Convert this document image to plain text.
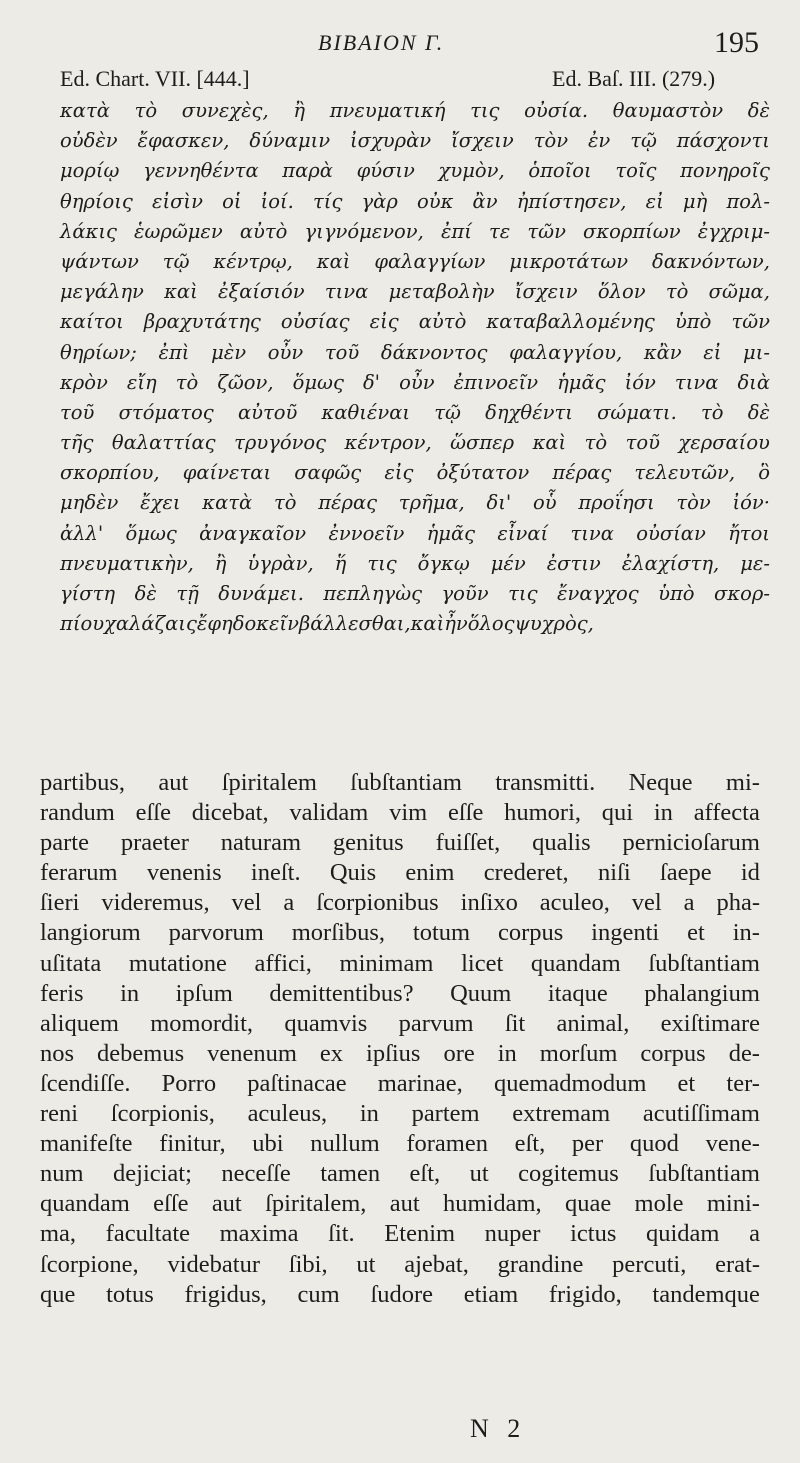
BIBAION Γ.	195
Ed. Chart. VII. [444.]	Ed. Baſ. III. (279.)
κατὰ τὸ συνεχὲς, ἢ πνευματική τις οὐσία. θαυμαστὸν δὲ
οὐδὲν ἔφασκεν, δύναμιν ἰσχυρὰν ἴσχειν τὸν ἐν τῷ πάσχοντι
μορίῳ γεννηθέντα παρὰ φύσιν χυμὸν, ὁποῖοι τοῖς πονηροῖς
θηρίοις εἰσὶν οἱ ἰοί. τίς γὰρ οὐκ ἂν ἠπίστησεν, εἰ μὴ πολ-
λάκις ἑωρῶμεν αὐτὸ γιγνόμενον, ἐπί τε τῶν σκορπίων ἐγχριμ-
ψάντων τῷ κέντρῳ, καὶ φαλαγγίων μικροτάτων δακνόντων,
μεγάλην καὶ ἐξαίσιόν τινα μεταβολὴν ἴσχειν ὅλον τὸ σῶμα,
καίτοι βραχυτάτης οὐσίας εἰς αὐτὸ καταβαλλομένης ὑπὸ τῶν
θηρίων; ἐπὶ μὲν οὖν τοῦ δάκνοντος φαλαγγίου, κἂν εἰ μι-
κρὸν εἴη τὸ ζῶον, ὅμως δ' οὖν ἐπινοεῖν ἡμᾶς ἰόν τινα διὰ
τοῦ στόματος αὐτοῦ καθιέναι τῷ δηχθέντι σώματι. τὸ δὲ
τῆς θαλαττίας τρυγόνος κέντρον, ὥσπερ καὶ τὸ τοῦ χερσαίου
σκορπίου, φαίνεται σαφῶς εἰς ὀξύτατον πέρας τελευτῶν, ὃ
μηδὲν ἔχει κατὰ τὸ πέρας τρῆμα, δι' οὗ προΐησι τὸν ἰόν·
ἀλλ' ὅμως ἀναγκαῖον ἐννοεῖν ἡμᾶς εἶναί τινα οὐσίαν ἤτοι
πνευματικὴν, ἢ ὑγρὰν, ἥ τις ὄγκῳ μέν ἐστιν ἐλαχίστη, με-
γίστη δὲ τῇ δυνάμει. πεπληγὼς γοῦν τις ἔναγχος ὑπὸ σκορ-
πίου χαλάζαις ἔφη δοκεῖν βάλλεσθαι, καὶ ἦν ὅλος ψυχρὸς,
partibus, aut ſpiritalem ſubſtantiam transmitti. Neque mi-
randum eſſe dicebat, validam vim eſſe humori, qui in affecta
parte praeter naturam genitus fuiſſet, qualis pernicioſarum
ferarum venenis ineſt. Quis enim crederet, niſi ſaepe id
ſieri videremus, vel a ſcorpionibus inſixo aculeo, vel a pha-
langiorum parvorum morſibus, totum corpus ingenti et in-
uſitata mutatione affici, minimam licet quandam ſubſtantiam
feris in ipſum demittentibus? Quum itaque phalangium
aliquem momordit, quamvis parvum ſit animal, exiſtimare
nos debemus venenum ex ipſius ore in morſum corpus de-
ſcendiſſe. Porro paſtinacae marinae, quemadmodum et ter-
reni ſcorpionis, aculeus, in partem extremam acutiſſimam
manifeſte finitur, ubi nullum foramen eſt, per quod vene-
num dejiciat; neceſſe tamen eſt, ut cogitemus ſubſtantiam
quandam eſſe aut ſpiritalem, aut humidam, quae mole mini-
ma, facultate maxima ſit. Etenim nuper ictus quidam a
ſcorpione, videbatur ſibi, ut ajebat, grandine percuti, erat-
que totus frigidus, cum ſudore etiam frigido, tandemque
N 2
